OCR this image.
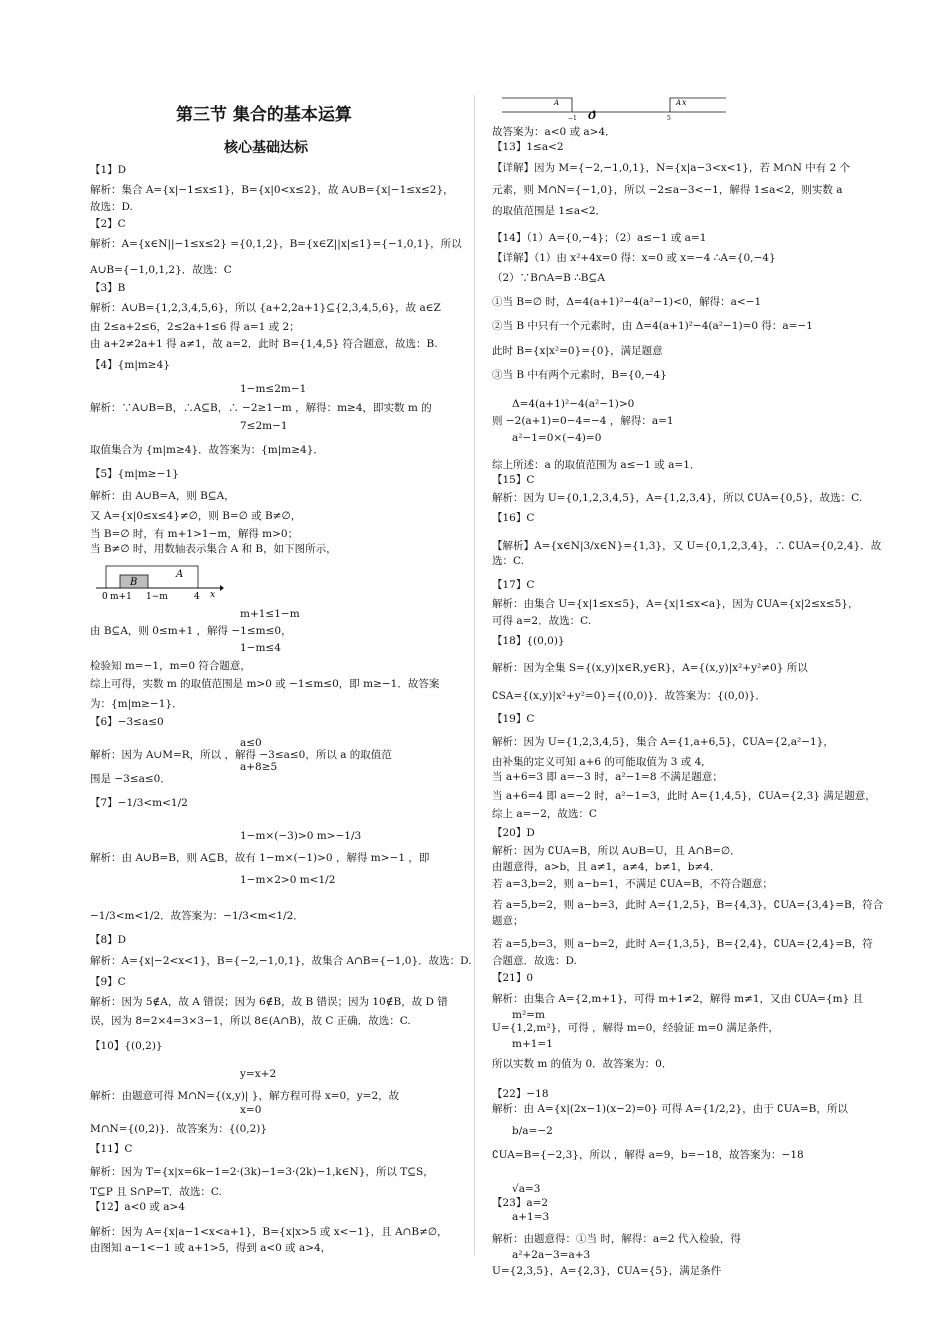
第三节 集合的基本运算
核心基础达标
【1】D
解析：集合 A={x|−1≤x≤1}，B={x|0<x≤2}，故 A∪B={x|−1≤x≤2}，
故选：D.
【2】C
解析：A={x∈N||−1≤x≤2} ={0,1,2}，B={x∈Z||x|≤1}={−1,0,1}，所以
A∪B={−1,0,1,2}．故选：C
【3】B
解析：A∪B={1,2,3,4,5,6}，所以 {a+2,2a+1}⊆{2,3,4,5,6}，故 a∈Z
由 2≤a+2≤6，2≤2a+1≤6 得 a=1 或 2；
由 a+2≠2a+1 得 a≠1，故 a=2．此时 B={1,4,5} 符合题意，故选：B.
【4】{m|m≥4}
1−m≤2m−1
解析：∵A∪B=B，∴A⊆B，∴ −2≥1−m ，解得：m≥4，即实数 m 的
7≤2m−1
取值集合为 {m|m≥4}．故答案为：{m|m≥4}．
【5】{m|m≥−1}
解析：由 A∪B=A，则 B⊆A，
又 A={x|0≤x≤4}≠∅，则 B=∅ 或 B≠∅，
当 B=∅ 时，有 m+1>1−m，解得 m>0；
当 B≠∅ 时，用数轴表示集合 A 和 B，如下图所示，
m+1≤1−m
由 B⊆A，则 0≤m+1 ，解得 −1≤m≤0，
1−m≤4
检验知 m=−1，m=0 符合题意，
综上可得，实数 m 的取值范围是 m>0 或 −1≤m≤0，即 m≥−1．故答案
为：{m|m≥−1}．
【6】−3≤a≤0
a≤0
解析：因为 A∪M=R，所以 ，解得 −3≤a≤0，所以 a 的取值范
a+8≥5
围是 −3≤a≤0．
【7】−1/3<m<1/2
1−m×(−3)>0 m>−1/3
解析：由 A∪B=B，则 A⊆B，故有 1−m×(−1)>0 ，解得 m>−1 ，即
1−m×2>0 m<1/2
−1/3<m<1/2．故答案为：−1/3<m<1/2．
【8】D
解析：A={x|−2<x<1}，B={−2,−1,0,1}，故集合 A∩B={−1,0}．故选：D.
【9】C
解析：因为 5∉A，故 A 错误；因为 6∉B，故 B 错误；因为 10∉B，故 D 错
误，因为 8=2×4=3×3−1，所以 8∈(A∩B)，故 C 正确．故选：C.
【10】{(0,2)}
y=x+2
解析：由题意可得 M∩N={(x,y)| }，解方程可得 x=0，y=2，故
x=0
M∩N={(0,2)}．故答案为：{(0,2)}
【11】C
解析：因为 T={x|x=6k−1=2·(3k)−1=3·(2k)−1,k∈N}，所以 T⊆S，
T⊆P 且 S∩P=T．故选：C.
【12】a<0 或 a>4
解析：因为 A={x|a−1<x<a+1}，B={x|x>5 或 x<−1}，且 A∩B≠∅，
由图知 a−1<−1 或 a+1>5，得到 a<0 或 a>4，
故答案为：a<0 或 a>4．
【13】1≤a<2
【详解】因为 M={−2,−1,0,1}，N={x|a−3<x<1}，若 M∩N 中有 2 个
元素，则 M∩N={−1,0}，所以 −2≤a−3<−1，解得 1≤a<2，则实数 a
的取值范围是 1≤a<2．
【14】（1）A={0,−4}；（2）a≤−1 或 a=1
【详解】（1）由 x²+4x=0 得：x=0 或 x=−4 ∴A={0,−4}
（2）∵B∩A=B ∴B⊆A
①当 B=∅ 时，Δ=4(a+1)²−4(a²−1)<0，解得：a<−1
②当 B 中只有一个元素时，由 Δ=4(a+1)²−4(a²−1)=0 得：a=−1
此时 B={x|x²=0}={0}，满足题意
③当 B 中有两个元素时，B={0,−4}
Δ=4(a+1)²−4(a²−1)>0
则 −2(a+1)=0−4=−4 ，解得：a=1
a²−1=0×(−4)=0
综上所述：a 的取值范围为 a≤−1 或 a=1．
【15】C
解析：因为 U={0,1,2,3,4,5}，A={1,2,3,4}，所以 ∁UA={0,5}，故选：C.
【16】C
【解析】A={x∈N|3/x∈N}={1,3}，又 U={0,1,2,3,4}，∴ ∁UA={0,2,4}．故
选：C.
【17】C
解析：由集合 U={x|1≤x≤5}，A={x|1≤x<a}，因为 ∁UA={x|2≤x≤5}，
可得 a=2．故选：C.
【18】{(0,0)}
解析：因为全集 S={(x,y)|x∈R,y∈R}，A={(x,y)|x²+y²≠0} 所以
∁SA={(x,y)|x²+y²=0}={(0,0)}．故答案为：{(0,0)}．
【19】C
解析：因为 U={1,2,3,4,5}，集合 A={1,a+6,5}，∁UA={2,a²−1}，
由补集的定义可知 a+6 的可能取值为 3 或 4,
当 a+6=3 即 a=−3 时，a²−1=8 不满足题意；
当 a+6=4 即 a=−2 时，a²−1=3，此时 A={1,4,5}，∁UA={2,3} 满足题意，
综上 a=−2，故选：C
【20】D
解析：因为 ∁UA=B，所以 A∪B=U，且 A∩B=∅．
由题意得，a>b，且 a≠1，a≠4，b≠1，b≠4．
若 a=3,b=2，则 a−b=1，不满足 ∁UA=B，不符合题意；
若 a=5,b=2，则 a−b=3，此时 A={1,2,5}，B={4,3}，∁UA={3,4}=B，符合
题意；
若 a=5,b=3，则 a−b=2，此时 A={1,3,5}，B={2,4}，∁UA={2,4}=B，符
合题意．故选：D.
【21】0
解析：由集合 A={2,m+1}，可得 m+1≠2，解得 m≠1，又由 ∁UA={m} 且
m²=m
U={1,2,m²}，可得 ，解得 m=0，经验证 m=0 满足条件，
m+1=1
所以实数 m 的值为 0．故答案为：0．
【22】−18
解析：由 A={x|(2x−1)(x−2)=0} 可得 A={1/2,2}，由于 ∁UA=B，所以
b/a=−2
∁UA=B={−2,3}，所以 ，解得 a=9，b=−18，故答案为：−18
√a=3
【23】a=2
a+1=3
解析：由题意得：①当 时，解得：a=2 代入检验，得
a²+2a−3=a+3
U={2,3,5}，A={2,3}，∁UA={5}，满足条件
A
B
0 m+1 1−m	4 x
A	A
−1 O	5
x
